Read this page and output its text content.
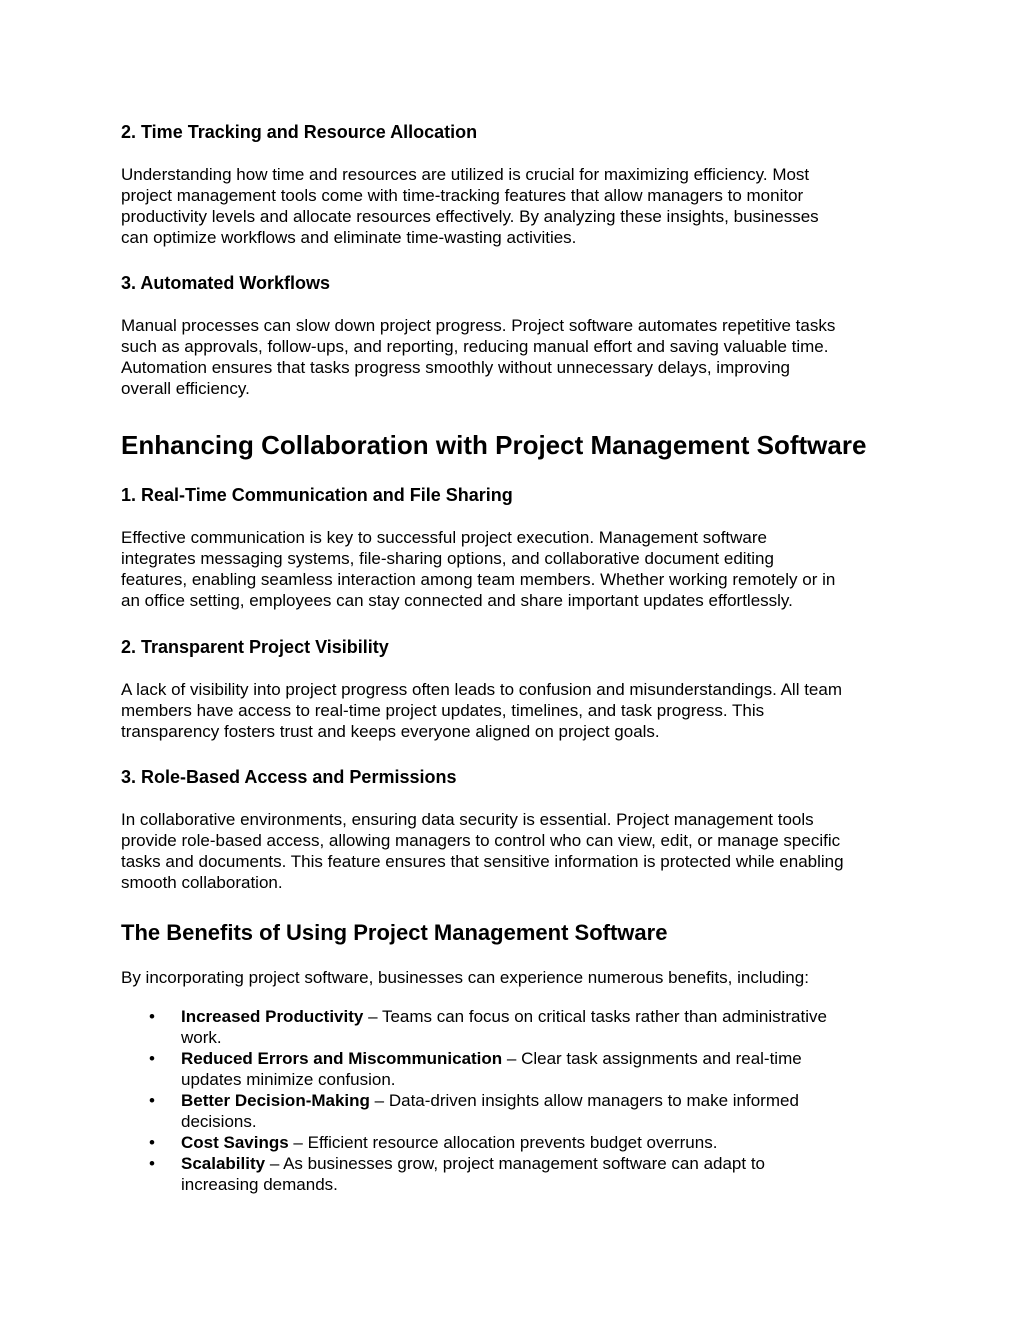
2. Time Tracking and Resource Allocation

Understanding how time and resources are utilized is crucial for maximizing efficiency. Most
project management tools come with time-tracking features that allow managers to monitor
productivity levels and allocate resources effectively. By analyzing these insights, businesses
can optimize workflows and eliminate time-wasting activities.

3. Automated Workflows

Manual processes can slow down project progress. Project software automates repetitive tasks
such as approvals, follow-ups, and reporting, reducing manual effort and saving valuable time.
Automation ensures that tasks progress smoothly without unnecessary delays, improving
overall efficiency.

Enhancing Collaboration with Project Management Software
1. Real-Time Communication and File Sharing

Effective communication is key to successful project execution. Management software
integrates messaging systems, file-sharing options, and collaborative document editing
features, enabling seamless interaction among team members. Whether working remotely or in
an office setting, employees can stay connected and share important updates effortlessly.

2. Transparent Project Visibility

A lack of visibility into project progress often leads to confusion and misunderstandings. All team
members have access to real-time project updates, timelines, and task progress. This
transparency fosters trust and keeps everyone aligned on project goals.

3. Role-Based Access and Permissions

In collaborative environments, ensuring data security is essential. Project management tools
provide role-based access, allowing managers to control who can view, edit, or manage specific
tasks and documents. This feature ensures that sensitive information is protected while enabling
smooth collaboration.

The Benefits of Using Project Management Software

By incorporating project software, businesses can experience numerous benefits, including:

• Increased Productivity – Teams can focus on critical tasks rather than administrative
work.
• Reduced Errors and Miscommunication – Clear task assignments and real-time
updates minimize confusion.
• Better Decision-Making – Data-driven insights allow managers to make informed
decisions.
• Cost Savings – Efficient resource allocation prevents budget overruns.
• Scalability – As businesses grow, project management software can adapt to
increasing demands.
